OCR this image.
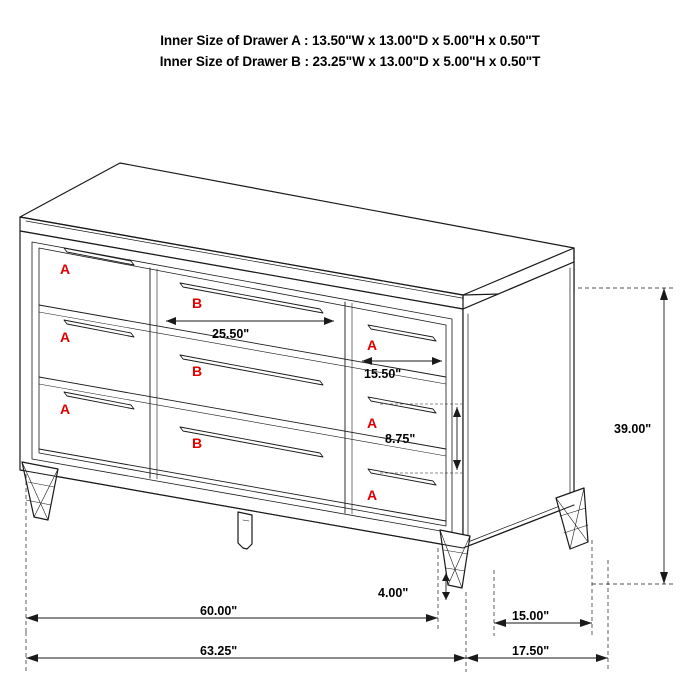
Inner Size of Drawer A : 13.50"W x 13.00"D x 5.00"H x 0.50"T
Inner Size of Drawer B : 23.25"W x 13.00"D x 5.00"H x 0.50"T
A
B
A	A
B
A
A
B
A
25.50"
15.50"
8.75"
39.00"
4.00"
60.00"	15.00"
63.25"	17.50"
